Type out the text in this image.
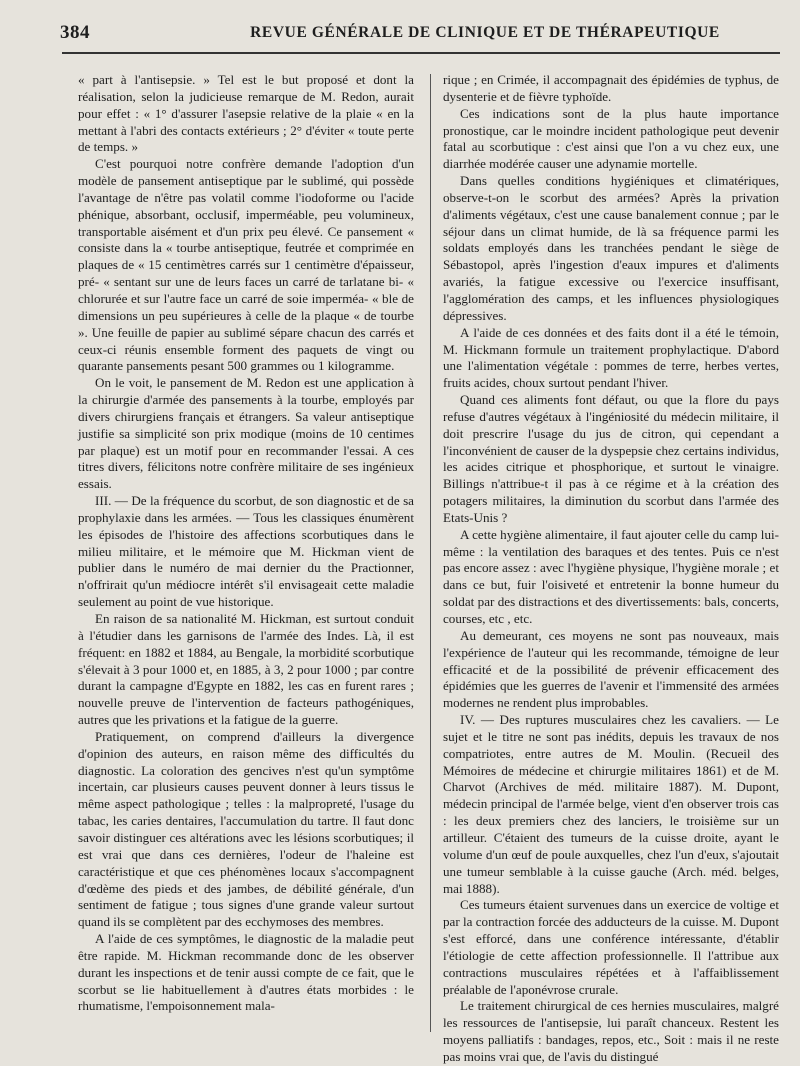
384	REVUE GÉNÉRALE DE CLINIQUE ET DE THÉRAPEUTIQUE

« part à l'antisepsie. » Tel est le but proposé et dont la réalisation, selon la judicieuse remarque de M. Redon, aurait pour effet : « 1° d'assurer l'asepsie relative de la plaie « en la mettant à l'abri des contacts extérieurs ; 2° d'éviter « toute perte de temps. »

C'est pourquoi notre confrère demande l'adoption d'un modèle de pansement antiseptique par le sublimé, qui possède l'avantage de n'être pas volatil comme l'iodoforme ou l'acide phénique, absorbant, occlusif, imperméable, peu volumineux, transportable aisément et d'un prix peu élevé. Ce pansement « consiste dans la « tourbe antiseptique, feutrée et comprimée en plaques de « 15 centimètres carrés sur 1 centimètre d'épaisseur, pré- « sentant sur une de leurs faces un carré de tarlatane bi- « chlorurée et sur l'autre face un carré de soie imperméa- « ble de dimensions un peu supérieures à celle de la plaque « de tourbe ». Une feuille de papier au sublimé sépare chacun des carrés et ceux-ci réunis ensemble forment des paquets de vingt ou quarante pansements pesant 500 grammes ou 1 kilogramme.

On le voit, le pansement de M. Redon est une application à la chirurgie d'armée des pansements à la tourbe, employés par divers chirurgiens français et étrangers. Sa valeur antiseptique justifie sa simplicité son prix modique (moins de 10 centimes par plaque) est un motif pour en recommander l'essai. A ces titres divers, félicitons notre confrère militaire de ses ingénieux essais.

III. — De la fréquence du scorbut, de son diagnostic et de sa prophylaxie dans les armées. — Tous les classiques énumèrent les épisodes de l'histoire des affections scorbutiques dans le milieu militaire, et le mémoire que M. Hickman vient de publier dans le numéro de mai dernier du the Practionner, n'offrirait qu'un médiocre intérêt s'il envisageait cette maladie seulement au point de vue historique.

En raison de sa nationalité M. Hickman, est surtout conduit à l'étudier dans les garnisons de l'armée des Indes. Là, il est fréquent: en 1882 et 1884, au Bengale, la morbidité scorbutique s'élevait à 3 pour 1000 et, en 1885, à 3, 2 pour 1000 ; par contre durant la campagne d'Egypte en 1882, les cas en furent rares ; nouvelle preuve de l'intervention de facteurs pathogéniques, autres que les privations et la fatigue de la guerre.

Pratiquement, on comprend d'ailleurs la divergence d'opinion des auteurs, en raison même des difficultés du diagnostic. La coloration des gencives n'est qu'un symptôme incertain, car plusieurs causes peuvent donner à leurs tissus le même aspect pathologique ; telles : la malpropreté, l'usage du tabac, les caries dentaires, l'accumulation du tartre. Il faut donc savoir distinguer ces altérations avec les lésions scorbutiques; il est vrai que dans ces dernières, l'odeur de l'haleine est caractéristique et que ces phénomènes locaux s'accompagnent d'œdème des pieds et des jambes, de débilité générale, d'un sentiment de fatigue ; tous signes d'une grande valeur surtout quand ils se complètent par des ecchymoses des membres.

A l'aide de ces symptômes, le diagnostic de la maladie peut être rapide. M. Hickman recommande donc de les observer durant les inspections et de tenir aussi compte de ce fait, que le scorbut se lie habituellement à d'autres états morbides : le rhumatisme, l'empoisonnement mala-

rique ; en Crimée, il accompagnait des épidémies de typhus, de dysenterie et de fièvre typhoïde.

Ces indications sont de la plus haute importance pronostique, car le moindre incident pathologique peut devenir fatal au scorbutique : c'est ainsi que l'on a vu chez eux, une diarrhée modérée causer une adynamie mortelle.

Dans quelles conditions hygiéniques et climatériques, observe-t-on le scorbut des armées? Après la privation d'aliments végétaux, c'est une cause banalement connue ; par le séjour dans un climat humide, de là sa fréquence parmi les soldats employés dans les tranchées pendant le siège de Sébastopol, après l'ingestion d'eaux impures et d'aliments avariés, la fatigue excessive ou l'exercice insuffisant, l'agglomération des camps, et les influences physiologiques dépressives.

A l'aide de ces données et des faits dont il a été le témoin, M. Hickmann formule un traitement prophylactique. D'abord une l'alimentation végétale : pommes de terre, herbes vertes, fruits acides, choux surtout pendant l'hiver.

Quand ces aliments font défaut, ou que la flore du pays refuse d'autres végétaux à l'ingéniosité du médecin militaire, il doit prescrire l'usage du jus de citron, qui cependant a l'inconvénient de causer de la dyspepsie chez certains individus, les acides citrique et phosphorique, et surtout le vinaigre. Billings n'attribue-t il pas à ce régime et à la création des potagers militaires, la diminution du scorbut dans l'armée des Etats-Unis ?

A cette hygiène alimentaire, il faut ajouter celle du camp lui-même : la ventilation des baraques et des tentes. Puis ce n'est pas encore assez : avec l'hygiène physique, l'hygiène morale ; et dans ce but, fuir l'oisiveté et entretenir la bonne humeur du soldat par des distractions et des divertissements: bals, concerts, courses, etc , etc.

Au demeurant, ces moyens ne sont pas nouveaux, mais l'expérience de l'auteur qui les recommande, témoigne de leur efficacité et de la possibilité de prévenir efficacement des épidémies que les guerres de l'avenir et l'immensité des armées modernes ne rendent plus improbables.

IV. — Des ruptures musculaires chez les cavaliers. — Le sujet et le titre ne sont pas inédits, depuis les travaux de nos compatriotes, entre autres de M. Moulin. (Recueil des Mémoires de médecine et chirurgie militaires 1861) et de M. Charvot (Archives de méd. militaire 1887). M. Dupont, médecin principal de l'armée belge, vient d'en observer trois cas : les deux premiers chez des lanciers, le troisième sur un artilleur. C'étaient des tumeurs de la cuisse droite, ayant le volume d'un œuf de poule auxquelles, chez l'un d'eux, s'ajoutait une tumeur semblable à la cuisse gauche (Arch. méd. belges, mai 1888).

Ces tumeurs étaient survenues dans un exercice de voltige et par la contraction forcée des adducteurs de la cuisse. M. Dupont s'est efforcé, dans une conférence intéressante, d'établir l'étiologie de cette affection professionnelle. Il l'attribue aux contractions musculaires répétées et à l'affaiblissement préalable de l'aponévrose crurale.

Le traitement chirurgical de ces hernies musculaires, malgré les ressources de l'antisepsie, lui paraît chanceux. Restent les moyens palliatifs : bandages, repos, etc., Soit : mais il ne reste pas moins vrai que, de l'avis du distingué
